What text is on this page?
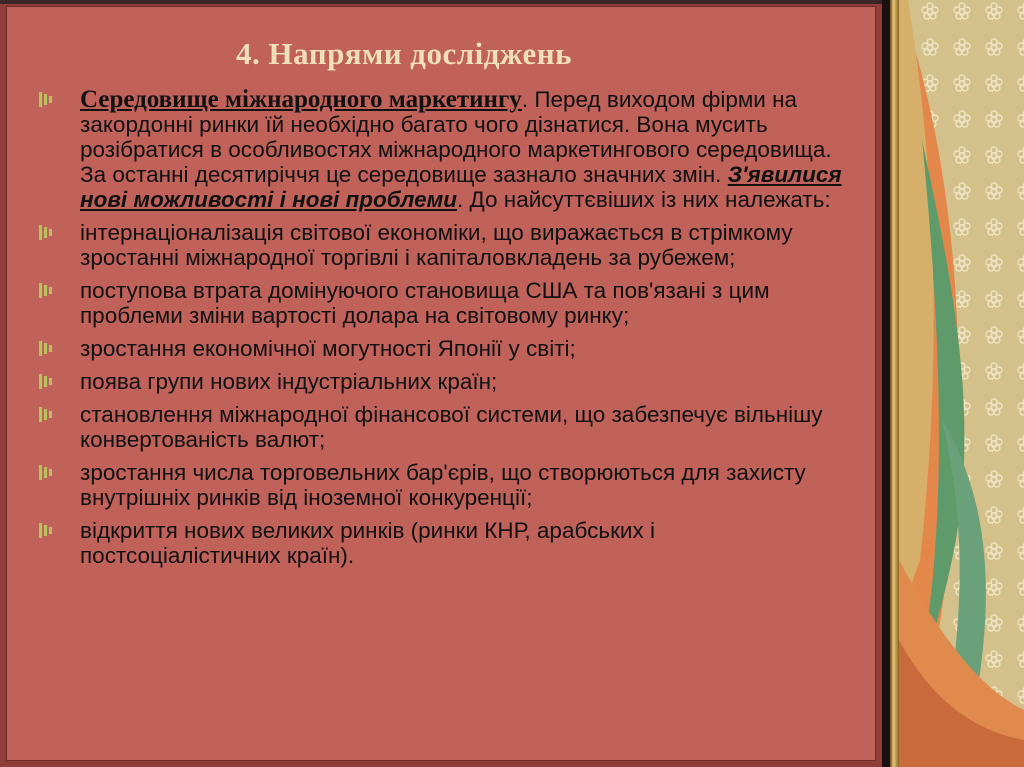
4. Напрями досліджень

Середовище міжнародного маркетингу. Перед виходом фірми на закордонні ринки їй необхідно багато чого дізнатися. Вона мусить розібратися в особливостях міжнародного маркетингового середовища. За останні десятиріччя це середовище зазнало значних змін. З'явилися нові можливості і нові проблеми. До найсуттєвіших із них належать:

інтернаціоналізація світової економіки, що виражається в стрімкому зростанні міжнародної торгівлі і капіталовкладень за рубежем;

поступова втрата домінуючого становища США та пов'язані з цим проблеми зміни вартості долара на світовому ринку;

зростання економічної могутності Японії у світі;

поява групи нових індустріальних країн;

становлення міжнародної фінансової системи, що забезпечує вільнішу конвертованість валют;

зростання числа торговельних бар'єрів, що створюються для захисту внутрішніх ринків від іноземної конкуренції;

відкриття нових великих ринків (ринки КНР, арабських і постсоціалістичних країн).
